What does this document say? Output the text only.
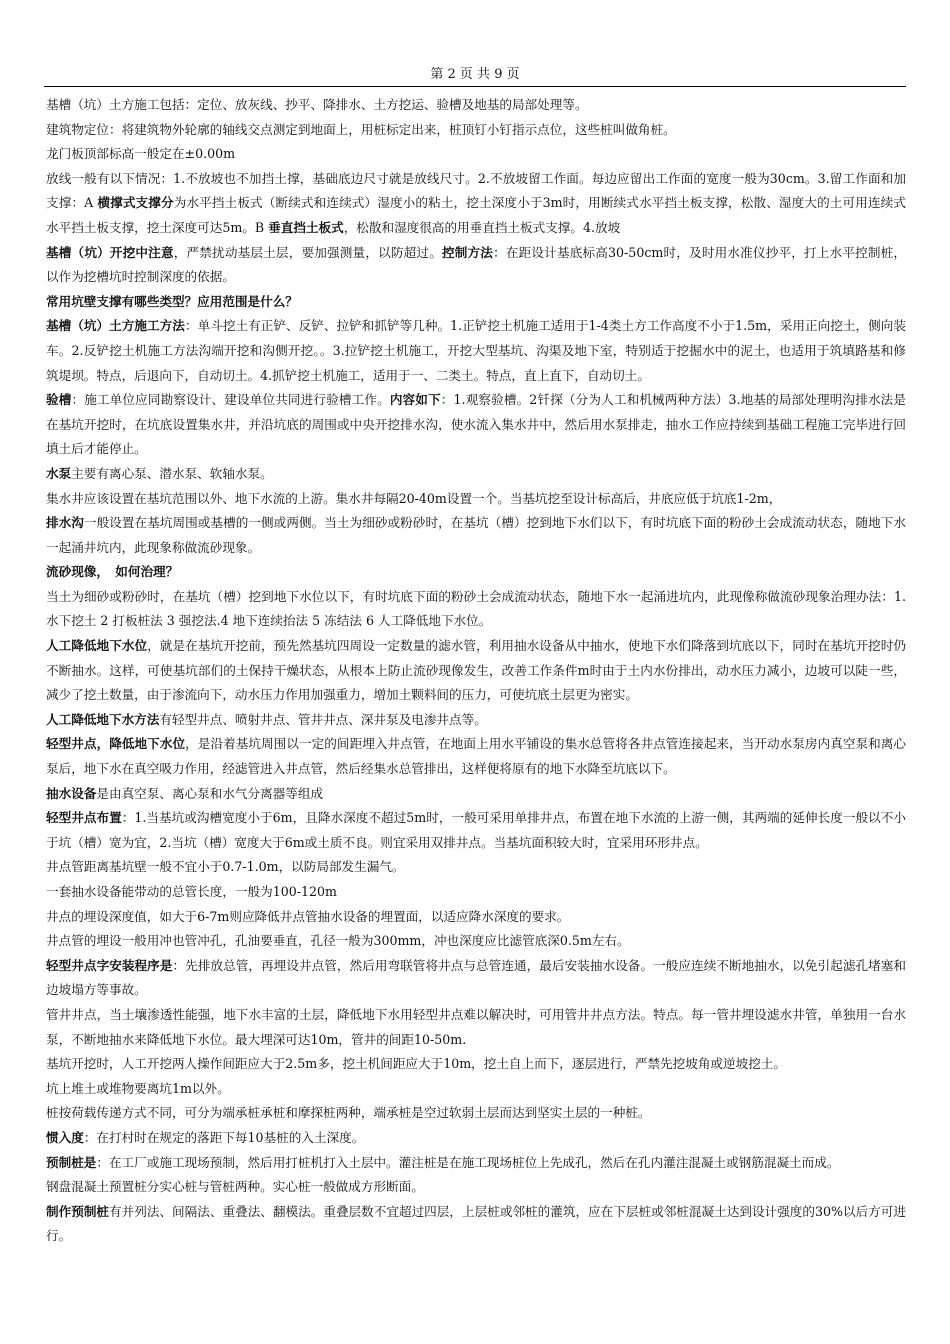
第 2 页 共 9 页

基槽（坑）土方施工包括：定位、放灰线、抄平、降排水、土方挖运、验槽及地基的局部处理等。

建筑物定位：将建筑物外轮廓的轴线交点测定到地面上，用桩标定出来，桩顶钉小钉指示点位，这些桩叫做角桩。

龙门板顶部标高一般定在±0.00m

放线一般有以下情况：1.不放坡也不加挡土撑，基础底边尺寸就是放线尺寸。2.不放坡留工作面。每边应留出工作面的宽度一般为30cm。3.留工作面和加支撑：A 横撑式支撑分为水平挡土板式（断续式和连续式）湿度小的粘土，挖土深度小于3m时，用断续式水平挡土板支撑，松散、湿度大的土可用连续式水平挡土板支撑，挖土深度可达5m。B 垂直挡土板式，松散和湿度很高的用垂直挡土板式支撑。4.放坡

基槽（坑）开挖中注意，严禁扰动基层土层，要加强测量，以防超过。控制方法：在距设计基底标高30-50cm时，及时用水准仪抄平，打上水平控制桩，以作为挖槽坑时控制深度的依据。

常用坑壁支撑有哪些类型？应用范围是什么？

基槽（坑）土方施工方法：单斗挖土有正铲、反铲、拉铲和抓铲等几种。1.正铲挖土机施工适用于1-4类土方工作高度不小于1.5m，采用正向挖土，侧向装车。2.反铲挖土机施工方法沟端开挖和沟侧开挖。。3.拉铲挖土机施工，开挖大型基坑、沟渠及地下室，特别适于挖掘水中的泥土，也适用于筑填路基和修筑堤坝。特点，后退向下，自动切土。4.抓铲挖土机施工，适用于一、二类土。特点，直上直下，自动切土。

验槽：施工单位应同勘察设计、建设单位共同进行验槽工作。内容如下：1.观察验槽。2钎探（分为人工和机械两种方法）3.地基的局部处理明沟排水法是在基坑开挖时，在坑底设置集水井，并沿坑底的周围或中央开挖排水沟，使水流入集水井中，然后用水泵排走，抽水工作应持续到基础工程施工完毕进行回填土后才能停止。

水泵主要有离心泵、潜水泵、软轴水泵。

集水井应该设置在基坑范围以外、地下水流的上游。集水井每隔20-40m设置一个。当基坑挖至设计标高后，井底应低于坑底1-2m，

排水沟一般设置在基坑周围或基槽的一侧或两侧。当土为细砂或粉砂时，在基坑（槽）挖到地下水们以下，有时坑底下面的粉砂土会成流动状态，随地下水一起涌井坑内，此现象称做流砂现象。

流砂现像，　如何治理？

当土为细砂或粉砂时，在基坑（槽）挖到地下水位以下，有时坑底下面的粉砂土会成流动状态，随地下水一起涌进坑内，此现像称做流砂现象治理办法：1.水下挖土 2 打板桩法 3 强挖法.4 地下连续抬法 5 冻结法 6 人工降低地下水位。

人工降低地下水位，就是在基坑开挖前，预先然基坑四周设一定数量的滤水管，利用抽水设备从中抽水，使地下水们降落到坑底以下，同时在基坑开挖时仍不断抽水。这样，可使基坑部们的土保持干燥状态，从根本上防止流砂现像发生，改善工作条件m时由于土内水份排出，动水压力减小，边坡可以陡一些，减少了挖土数量，由于渗流向下，动水压力作用加强重力，增加土颗料间的压力，可使坑底土层更为密实。

人工降低地下水方法有轻型井点、喷射井点、管井井点、深井泵及电渗井点等。

轻型井点，降低地下水位，是沿着基坑周围以一定的间距埋入井点管，在地面上用水平铺设的集水总管将各井点管连接起来，当开动水泵房内真空泵和离心泵后，地下水在真空吸力作用，经滤管进入井点管，然后经集水总管排出，这样便将原有的地下水降至坑底以下。

抽水设备是由真空泵、离心泵和水气分离器等组成

轻型井点布置：1.当基坑或沟槽宽度小于6m，且降水深度不超过5m时，一般可采用单排井点，布置在地下水流的上游一侧，其两端的延伸长度一般以不小于坑（槽）宽为宜，2.当坑（槽）宽度大于6m或土质不良。则宜采用双排井点。当基坑面积较大时，宜采用环形井点。

井点管距离基坑壁一般不宜小于0.7-1.0m，以防局部发生漏气。

一套抽水设备能带动的总管长度，一般为100-120m

井点的埋设深度值，如大于6-7m则应降低井点管抽水设备的埋置面，以适应降水深度的要求。

井点管的埋设一般用冲也管冲孔，孔油要垂直，孔径一般为300mm，冲也深度应比滤管底深0.5m左右。

轻型井点字安装程序是：先排放总管，再埋设井点管，然后用弯联管将井点与总管连通，最后安装抽水设备。一般应连续不断地抽水，以免引起滤孔堵塞和边坡塌方等事故。

管井井点，当土壤渗透性能强，地下水丰富的土层，降低地下水用轻型井点难以解决时，可用管井井点方法。特点。每一管井埋设滤水井管，单独用一台水泵，不断地抽水来降低地下水位。最大埋深可达10m，管井的间距10-50m.

基坑开挖时，人工开挖两人操作间距应大于2.5m多，挖土机间距应大于10m，挖土自上而下，逐层进行，严禁先挖坡角或逆坡挖土。

坑上堆土或堆物要离坑1m以外。

桩按荷载传递方式不同，可分为端承桩承桩和摩探桩两种，端承桩是空过软弱土层而达到坚实土层的一种桩。

惯入度：在打村时在规定的落距下每10基桩的入土深度。

预制桩是：在工厂或施工现场预制，然后用打桩机打入土层中。灌注桩是在施工现场桩位上先成孔，然后在孔内灌注混凝土或钢筋混凝土而成。

钢盘混凝土预置桩分实心桩与管桩两种。实心桩一般做成方形断面。

制作预制桩有并列法、间隔法、重叠法、翻模法。重叠层数不宜超过四层，上层桩或邻桩的灌筑，应在下层桩或邻桩混凝土达到设计强度的30%以后方可进行。
